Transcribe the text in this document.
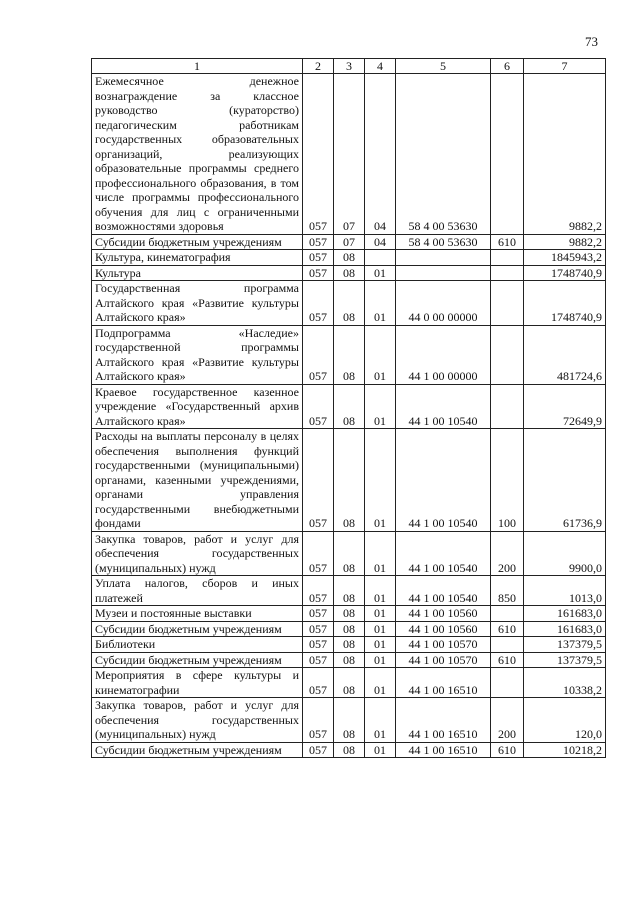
73
1	2	3	4	5	6	7
Ежемесячное денежное вознаграждение за классное руководство (кураторство) педагогическим работникам государственных образовательных организаций, реализующих образовательные программы среднего профессионального образования, в том числе программы профессионального обучения для лиц с ограниченными возможностями здоровья	057	07	04	58 4 00 53630		9882,2
Субсидии бюджетным учреждениям	057	07	04	58 4 00 53630	610	9882,2
Культура, кинематография	057	08				1845943,2
Культура	057	08	01			1748740,9
Государственная программа Алтайского края «Развитие культуры Алтайского края»	057	08	01	44 0 00 00000		1748740,9
Подпрограмма «Наследие» государственной программы Алтайского края «Развитие культуры Алтайского края»	057	08	01	44 1 00 00000		481724,6
Краевое государственное казенное учреждение «Государственный архив Алтайского края»	057	08	01	44 1 00 10540		72649,9
Расходы на выплаты персоналу в целях обеспечения выполнения функций государственными (муниципальными) органами, казенными учреждениями, органами управления государственными внебюджетными фондами	057	08	01	44 1 00 10540	100	61736,9
Закупка товаров, работ и услуг для обеспечения государственных (муниципальных) нужд	057	08	01	44 1 00 10540	200	9900,0
Уплата налогов, сборов и иных платежей	057	08	01	44 1 00 10540	850	1013,0
Музеи и постоянные выставки	057	08	01	44 1 00 10560		161683,0
Субсидии бюджетным учреждениям	057	08	01	44 1 00 10560	610	161683,0
Библиотеки	057	08	01	44 1 00 10570		137379,5
Субсидии бюджетным учреждениям	057	08	01	44 1 00 10570	610	137379,5
Мероприятия в сфере культуры и кинематографии	057	08	01	44 1 00 16510		10338,2
Закупка товаров, работ и услуг для обеспечения государственных (муниципальных) нужд	057	08	01	44 1 00 16510	200	120,0
Субсидии бюджетным учреждениям	057	08	01	44 1 00 16510	610	10218,2
